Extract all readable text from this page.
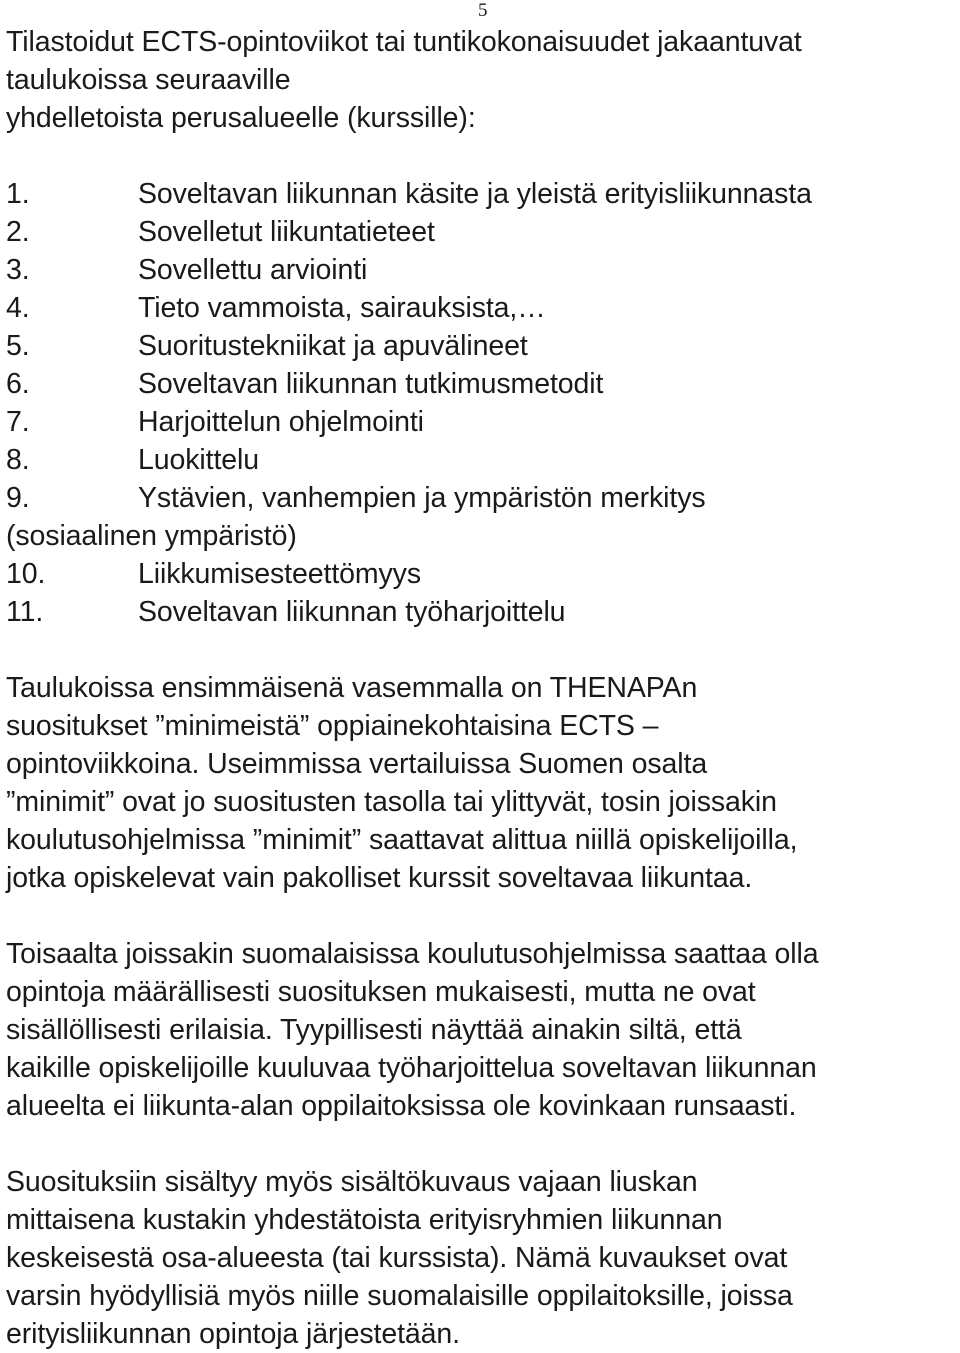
5

Tilastoidut ECTS-opintoviikot tai tuntikokonaisuudet jakaantuvat
taulukoissa seuraaville
yhdelletoista perusalueelle (kurssille):

1.	Soveltavan liikunnan käsite ja yleistä erityisliikunnasta
2.	Sovelletut liikuntatieteet
3.	Sovellettu arviointi
4.	Tieto vammoista, sairauksista,…
5.	Suoritustekniikat ja apuvälineet
6.	Soveltavan liikunnan tutkimusmetodit
7.	Harjoittelun ohjelmointi
8.	Luokittelu
9.	Ystävien, vanhempien ja ympäristön merkitys
(sosiaalinen ympäristö)
10.	Liikkumisesteettömyys
11.	Soveltavan liikunnan työharjoittelu

Taulukoissa ensimmäisenä vasemmalla on THENAPAn
suositukset ”minimeistä” oppiainekohtaisina ECTS –
opintoviikkoina. Useimmissa vertailuissa Suomen osalta
”minimit” ovat jo suositusten tasolla tai ylittyvät, tosin joissakin
koulutusohjelmissa ”minimit” saattavat alittua niillä opiskelijoilla,
jotka opiskelevat vain pakolliset kurssit soveltavaa liikuntaa.

Toisaalta joissakin suomalaisissa koulutusohjelmissa saattaa olla
opintoja määrällisesti suosituksen mukaisesti, mutta ne ovat
sisällöllisesti erilaisia. Tyypillisesti näyttää ainakin siltä, että
kaikille opiskelijoille kuuluvaa työharjoittelua soveltavan liikunnan
alueelta ei liikunta-alan oppilaitoksissa ole kovinkaan runsaasti.

Suosituksiin sisältyy myös sisältökuvaus vajaan liuskan
mittaisena kustakin yhdestätoista erityisryhmien liikunnan
keskeisestä osa-alueesta (tai kurssista). Nämä kuvaukset ovat
varsin hyödyllisiä myös niille suomalaisille oppilaitoksille, joissa
erityisliikunnan opintoja järjestetään.
